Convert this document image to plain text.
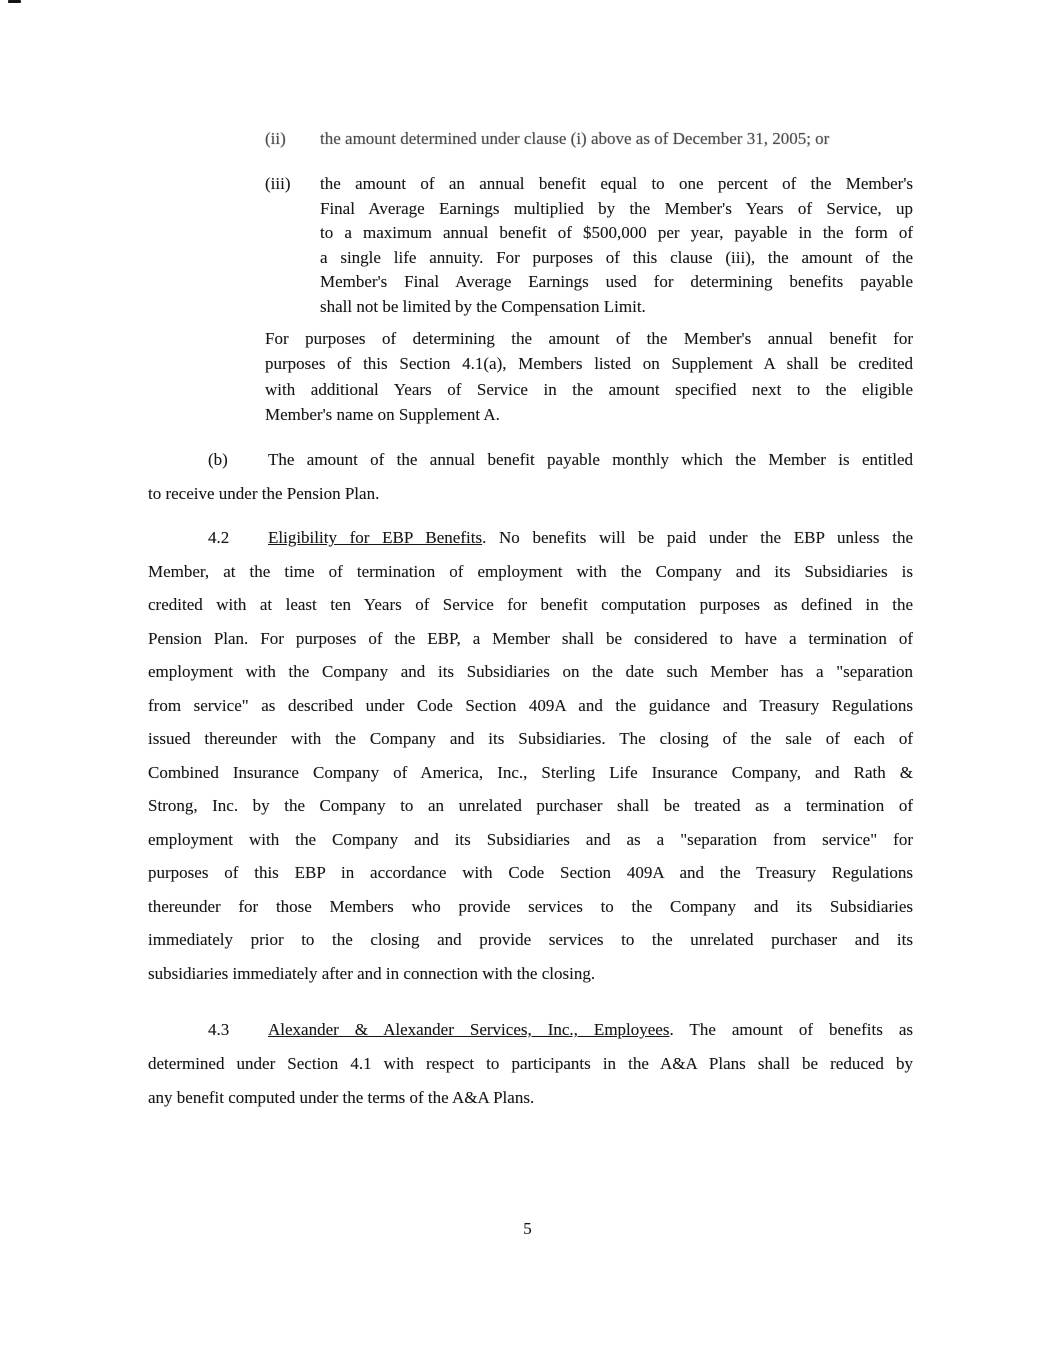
(ii)	the amount determined under clause (i) above as of December 31, 2005; or
(iii)	the amount of an annual benefit equal to one percent of the Member's
Final Average Earnings multiplied by the Member's Years of Service, up
to a maximum annual benefit of $500,000 per year, payable in the form of
a single life annuity. For purposes of this clause (iii), the amount of the
Member's Final Average Earnings used for determining benefits payable
shall not be limited by the Compensation Limit.
For purposes of determining the amount of the Member's annual benefit for
purposes of this Section 4.1(a), Members listed on Supplement A shall be credited
with additional Years of Service in the amount specified next to the eligible
Member's name on Supplement A.
(b) The amount of the annual benefit payable monthly which the Member is entitled
to receive under the Pension Plan.
4.2 Eligibility for EBP Benefits. No benefits will be paid under the EBP unless the
Member, at the time of termination of employment with the Company and its Subsidiaries is
credited with at least ten Years of Service for benefit computation purposes as defined in the
Pension Plan. For purposes of the EBP, a Member shall be considered to have a termination of
employment with the Company and its Subsidiaries on the date such Member has a "separation
from service" as described under Code Section 409A and the guidance and Treasury Regulations
issued thereunder with the Company and its Subsidiaries. The closing of the sale of each of
Combined Insurance Company of America, Inc., Sterling Life Insurance Company, and Rath &
Strong, Inc. by the Company to an unrelated purchaser shall be treated as a termination of
employment with the Company and its Subsidiaries and as a "separation from service" for
purposes of this EBP in accordance with Code Section 409A and the Treasury Regulations
thereunder for those Members who provide services to the Company and its Subsidiaries
immediately prior to the closing and provide services to the unrelated purchaser and its
subsidiaries immediately after and in connection with the closing.
4.3 Alexander & Alexander Services, Inc., Employees. The amount of benefits as
determined under Section 4.1 with respect to participants in the A&A Plans shall be reduced by
any benefit computed under the terms of the A&A Plans.
5
